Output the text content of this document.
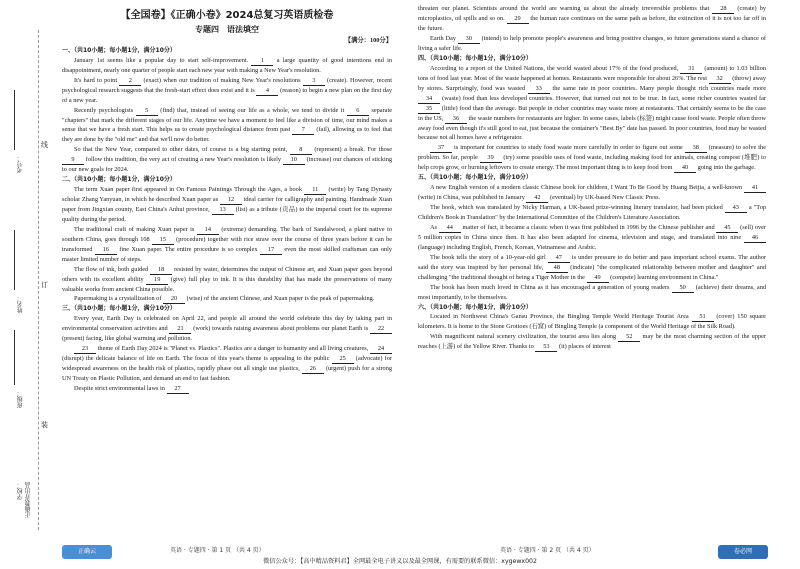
线
订
装
考号：
姓名：
班级：
学校： 正确教育出品
【全国卷】《正确小卷》2024总复习英语质检卷
专题四　语法填空
【满分：100分】
一、（共10小题；每小题1分，满分10分）

January 1st seems like a popular day to start self-improvement. 1 a large quantity of good intentions end in disappointment, nearly one quarter of people start each new year with making a New Year's resolution.

It's hard to point 2 (exact) when our tradition of making New Year's resolutions 3 (create). However, recent psychological research suggests that the fresh-start effect does exist and it is 4 (reason) to begin a new plan on the first day of a new year.

Recently psychologists 5 (find) that, instead of seeing our life as a whole, we tend to divide it 6 separate "chapters" that mark the different stages of our life. Anytime we have a moment to feel like a division of time, our mind makes a sense that we have a fresh start. This helps us to create psychological distance from past 7 (fail), allowing us to feel that they are done by the "old me" and that we'll now do better.

So that the New Year, compared to other dates, of course is a big starting point, 8 (represent) a break. For those 9 follow this tradition, the very act of creating a new Year's resolution is likely 10 (increase) our chances of sticking to our new goals for 2024.

二、（共10小题；每小题1分，满分10分）

The term Xuan paper first appeared in On Famous Paintings Through the Ages, a book 11 (write) by Tang Dynasty scholar Zhang Yanyuan, in which he described Xuan paper as 12 ideal carrier for calligraphy and painting. Handmade Xuan paper from Jingxian county, East China's Anhui province, 13 (list) as a tribute (贡品) to the imperial court for its supreme quality during the period.

The traditional craft of making Xuan paper is 14 (extreme) demanding. The bark of Sandalwood, a plant native to southern China, goes through 108 15 (procedure) together with rice straw over the course of three years before it can be transformed 16 fine Xuan paper. The entire procedure is so complex 17 even the most skilled craftsman can only master limited number of steps.

The flow of ink, both guided 18 resisted by water, determines the output of Chinese art, and Xuan paper goes beyond others with its excellent ability 19 (give) full play to ink. It is this durability that has made the preservations of many valuable works from ancient China possible.

Papermaking is a crystallization of 20 (wise) of the ancient Chinese, and Xuan paper is the peak of papermaking.

三、（共10小题；每小题1分，满分10分）

Every year, Earth Day is celebrated on April 22, and people all around the world celebrate this day by taking part in environmental conservation activities and 21 (work) towards raising awareness about problems our planet Earth is 22 (present) facing, like global warming and pollution.

23 theme of Earth Day 2024 is "Planet vs. Plastics". Plastics are a danger to humanity and all living creatures, 24 (disrupt) the delicate balance of life on Earth. The focus of this year's theme is appealing to the public 25 (advocate) for widespread awareness on the health risk of plastics, rapidly phase out all single use plastics, 26 (urgent) push for a strong UN Treaty on Plastic Pollution, and demand an end to fast fashion.

Despite strict environmental laws in 27

threaten our planet. Scientists around the world are warning us about the already irreversible problems that 28 (create) by microplastics, oil spills and so on. 29 the human race continues on the same path as before, the extinction of it is not too far off in the future.

Earth Day 30 (intend) to help promote people's awareness and bring positive changes, so future generations stand a chance of living a safer life.

四、（共10小题；每小题1分，满分10分）

According to a report of the United Nations, the world wasted about 17% of the food produced, 31 (amount) to 1.03 billion tons of food last year. Most of the waste happened at homes. Restaurants were responsible for about 26%. The rest 32 (throw) away by stores. Surprisingly, food was wasted 33 the same rate in poor countries. Many people thought rich countries made more 34 (waste) food than less developed countries. However, that turned out not to be true. In fact, some richer countries wasted far 35 (little) food than the average. But people in richer countries may waste more at restaurants. That certainly seems to be the case in the US, 36 the waste numbers for restaurants are higher. In some cases, labels (标签) might cause food waste. People often throw away food even though it's still good to eat, just because the container's "Best By" date has passed. In poor countries, food may be wasted because not all homes have a refrigerator.

37 is important for countries to study food waste more carefully in order to figure out some 38 (measure) to solve the problem. So far, people 39 (try) some possible uses of food waste, including making food for animals, creating compost (堆肥) to help crops grow, or burning leftovers to create energy. The most important thing is to keep food from 40 going into the garbage.

五、（共10小题；每小题1分，满分10分）

A new English version of a modern classic Chinese book for children, I Want To Be Good by Huang Beijia, a well-known 41 (write) in China, was published in January 42 (eventual) by UK-based New Classic Press.

The book, which was translated by Nicky Harman, a UK-based prize-winning literary translator, had been picked 43 a "Top Children's Book in Translation" by the International Committee of the Children's Literature Association.

As 44 matter of fact, it became a classic when it was first published in 1996 by the Chinese publisher and 45 (sell) over 5 million copies in China since then. It has also been adapted for cinema, television and stage, and translated into nine 46 (language) including English, French, Korean, Vietnamese and Arabic.

The book tells the story of a 10-year-old girl 47 is under pressure to do better and pass important school exams. The author said the story was inspired by her personal life, 48 (indicate) "the complicated relationship between mother and daughter" and challenging "the traditional thought of being a Tiger Mother in the 49 (compete) learning environment in China."

The book has been much loved in China as it has encouraged a generation of young readers 50 (achieve) their dreams, and most importantly, to be themselves.

六、（共10小题；每小题1分，满分10分）

Located in Northwest China's Gansu Province, the Bingling Temple World Heritage Tourist Area 51 (cover) 150 square kilometers. It is home to the Stone Grottoes (石窟) of Bingling Temple (a component of the World Heritage of the Silk Road).

With magnificent natural scenery civilization, the tourist area lies along 52 may be the most charming section of the upper reaches (上游) of the Yellow River. Thanks to 53 (it) places of interest

正确云	英语 · 专题四 · 第 1 页 （共 4 页）	英语 · 专题四 · 第 2 页 （共 4 页）	卷必网
微信公众号：【高中精品资料君】全网最全电子讲义以及最全网课，有需要的联系微信：xygewx002
